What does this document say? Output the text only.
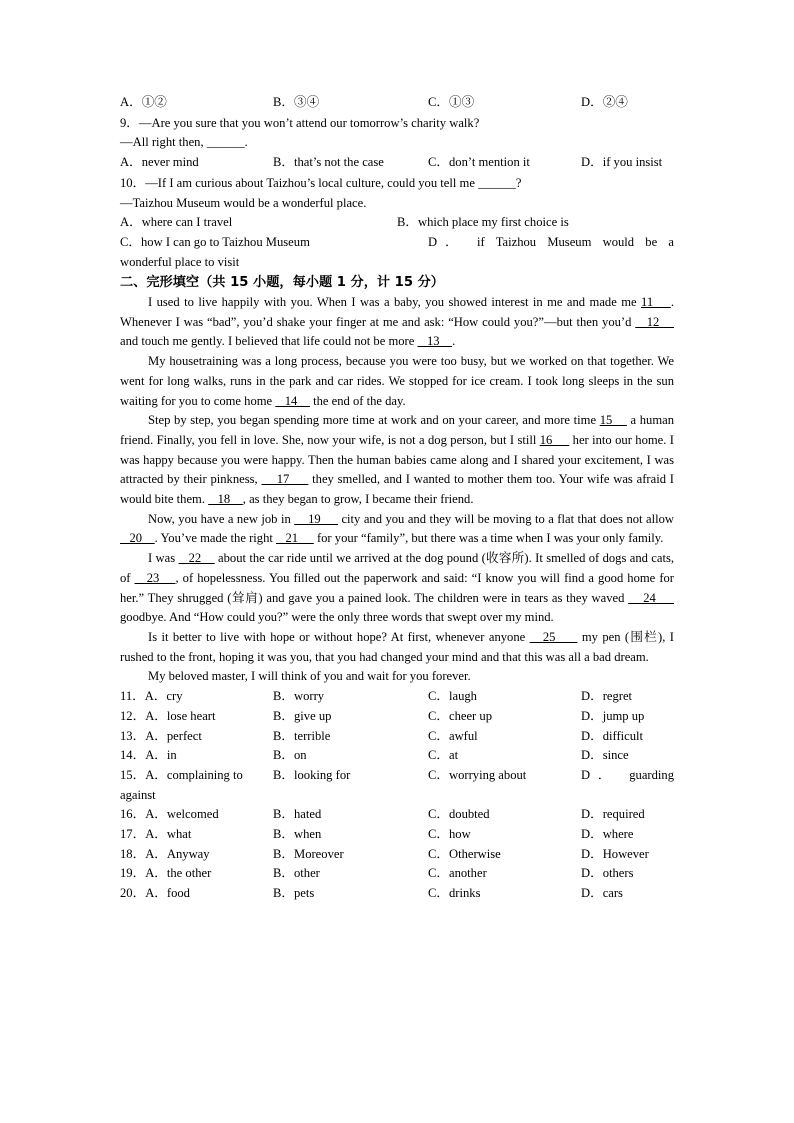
A．①②	B．③④	C．①③	D．②④
9．—Are you sure that you won’t attend our tomorrow’s charity walk?
—All right then, ______.
A．never mind	B．that’s not the case	C．don’t mention it	D．if you insist
10．—If I am curious about Taizhou’s local culture, could you tell me ______?
—Taizhou Museum would be a wonderful place.
A．where can I travel	B．which place my first choice is
C．how I can go to Taizhou Museum	D． if Taizhou Museum would be a
wonderful place to visit
二、完形填空（共 15 小题，每小题 1 分，计 15 分）

I used to live happily with you. When I was a baby, you showed interest in me and made me 11    . Whenever I was “bad”, you’d shake your finger at me and ask: “How could you?”—but then you’d    12     and touch me gently. I believed that life could not be more    13    .

My housetraining was a long process, because you were too busy, but we worked on that together. We went for long walks, runs in the park and car rides. We stopped for ice cream. I took long sleeps in the sun waiting for you to come home    14     the end of the day.

Step by step, you began spending more time at work and on your career, and more time 15     a human friend. Finally, you fell in love. She, now your wife, is not a dog person, but I still 16      her into our home. I was happy because you were happy. Then the human babies came along and I shared your excitement, I was attracted by their pinkness,     17      they smelled, and I wanted to mother them too. Your wife was afraid I would bite them.    18    , as they began to grow, I became their friend.

Now, you have a new job in     19      city and you and they will be moving to a flat that does not allow    20    . You’ve made the right    21      for your “family”, but there was a time when I was your only family.

I was    22     about the car ride until we arrived at the dog pound (收容所). It smelled of dogs and cats, of    23    , of hopelessness. You filled out the paperwork and said: “I know you will find a good home for her.” They shrugged (耸肩) and gave you a pained look. The children were in tears as they waved     24      goodbye. And “How could you?” were the only three words that swept over my mind.

Is it better to live with hope or without hope? At first, whenever anyone    25      my pen (围栏), I rushed to the front, hoping it was you, that you had changed your mind and that this was all a bad dream.

My beloved master, I will think of you and wait for you forever.

11．A．cry	B．worry	C．laugh	D．regret
12．A．lose heart	B．give up	C．cheer up	D．jump up
13．A．perfect	B．terrible	C．awful	D．difficult
14．A．in	B．on	C．at	D．since
15．A．complaining to	B．looking for	C．worrying about	D． guarding
against
16．A．welcomed	B．hated	C．doubted	D．required
17．A．what	B．when	C．how	D．where
18．A．Anyway	B．Moreover	C．Otherwise	D．However
19．A．the other	B．other	C．another	D．others
20．A．food	B．pets	C．drinks	D．cars
